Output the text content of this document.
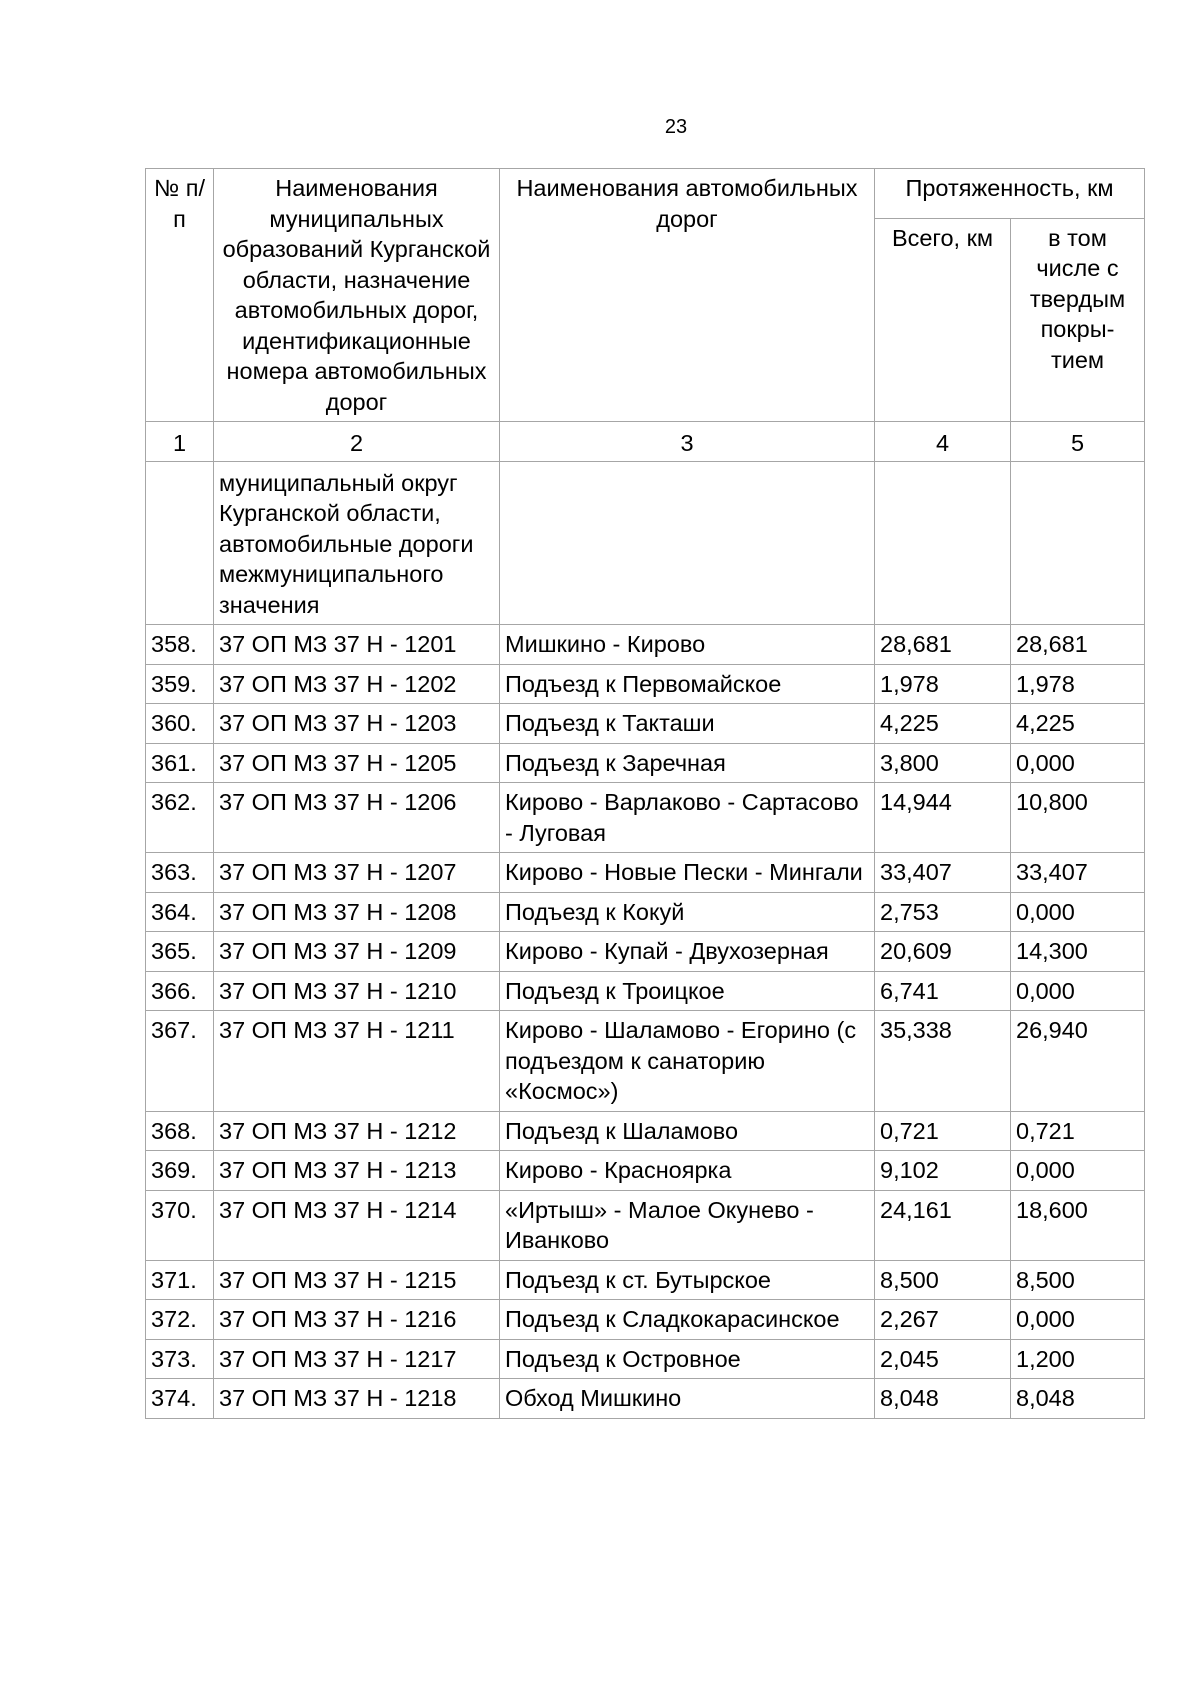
23
№ п/п	Наименования муниципальных образований Курганской области, назначение автомобильных дорог, идентификационные номера автомобильных дорог	Наименования автомобильных дорог	Протяженность, км	
			Всего, км	в том числе с твердым покры-тием
1	2	3	4	5
	муниципальный округ Курганской области, автомобильные дороги межмуниципального значения			
358.	37 ОП МЗ 37 Н - 1201	Мишкино - Кирово	28,681	28,681
359.	37 ОП МЗ 37 Н - 1202	Подъезд к Первомайское	1,978	1,978
360.	37 ОП МЗ 37 Н - 1203	Подъезд к Такташи	4,225	4,225
361.	37 ОП МЗ 37 Н - 1205	Подъезд к Заречная	3,800	0,000
362.	37 ОП МЗ 37 Н - 1206	Кирово - Варлаково - Сартасово - Луговая	14,944	10,800
363.	37 ОП МЗ 37 Н - 1207	Кирово - Новые Пески - Мингали	33,407	33,407
364.	37 ОП МЗ 37 Н - 1208	Подъезд к Кокуй	2,753	0,000
365.	37 ОП МЗ 37 Н - 1209	Кирово - Купай - Двухозерная	20,609	14,300
366.	37 ОП МЗ 37 Н - 1210	Подъезд к Троицкое	6,741	0,000
367.	37 ОП МЗ 37 Н - 1211	Кирово - Шаламово - Егорино (с подъездом к санаторию «Космос»)	35,338	26,940
368.	37 ОП МЗ 37 Н - 1212	Подъезд к Шаламово	0,721	0,721
369.	37 ОП МЗ 37 Н - 1213	Кирово - Красноярка	9,102	0,000
370.	37 ОП МЗ 37 Н - 1214	«Иртыш» - Малое Окунево - Иванково	24,161	18,600
371.	37 ОП МЗ 37 Н - 1215	Подъезд к ст. Бутырское	8,500	8,500
372.	37 ОП МЗ 37 Н - 1216	Подъезд к Сладкокарасинское	2,267	0,000
373.	37 ОП МЗ 37 Н - 1217	Подъезд к Островное	2,045	1,200
374.	37 ОП МЗ 37 Н - 1218	Обход Мишкино	8,048	8,048
